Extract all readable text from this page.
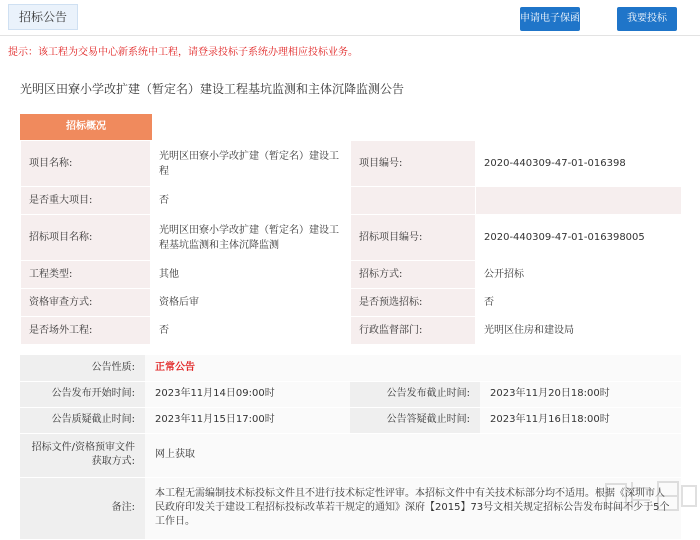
招标公告	申请电子保函	我要投标
提示：该工程为交易中心新系统中工程，请登录投标子系统办理相应投标业务。
光明区田寮小学改扩建（暂定名）建设工程基坑监测和主体沉降监测公告
招标概况
项目名称:	光明区田寮小学改扩建（暂定名）建设工程	项目编号:	2020-440309-47-01-016398
是否重大项目:	否		
招标项目名称:	光明区田寮小学改扩建（暂定名）建设工程基坑监测和主体沉降监测	招标项目编号:	2020-440309-47-01-016398005
工程类型:	其他	招标方式:	公开招标
资格审查方式:	资格后审	是否预选招标:	否
是否场外工程:	否	行政监督部门:	光明区住房和建设局
公告性质:	正常公告		
公告发布开始时间:	2023年11月14日09:00时	公告发布截止时间:	2023年11月20日18:00时
公告质疑截止时间:	2023年11月15日17:00时	公告答疑截止时间:	2023年11月16日18:00时
招标文件/资格预审文件获取方式:	网上获取		
备注:	本工程无需编制技术标投标文件且不进行技术标定性评审。本招标文件中有关技术标部分均不适用。根据《深圳市人民政府印发关于建设工程招标投标改革若干规定的通知》深府【2015】73号文相关规定招标公告发布时间不少于5个工作日。		
